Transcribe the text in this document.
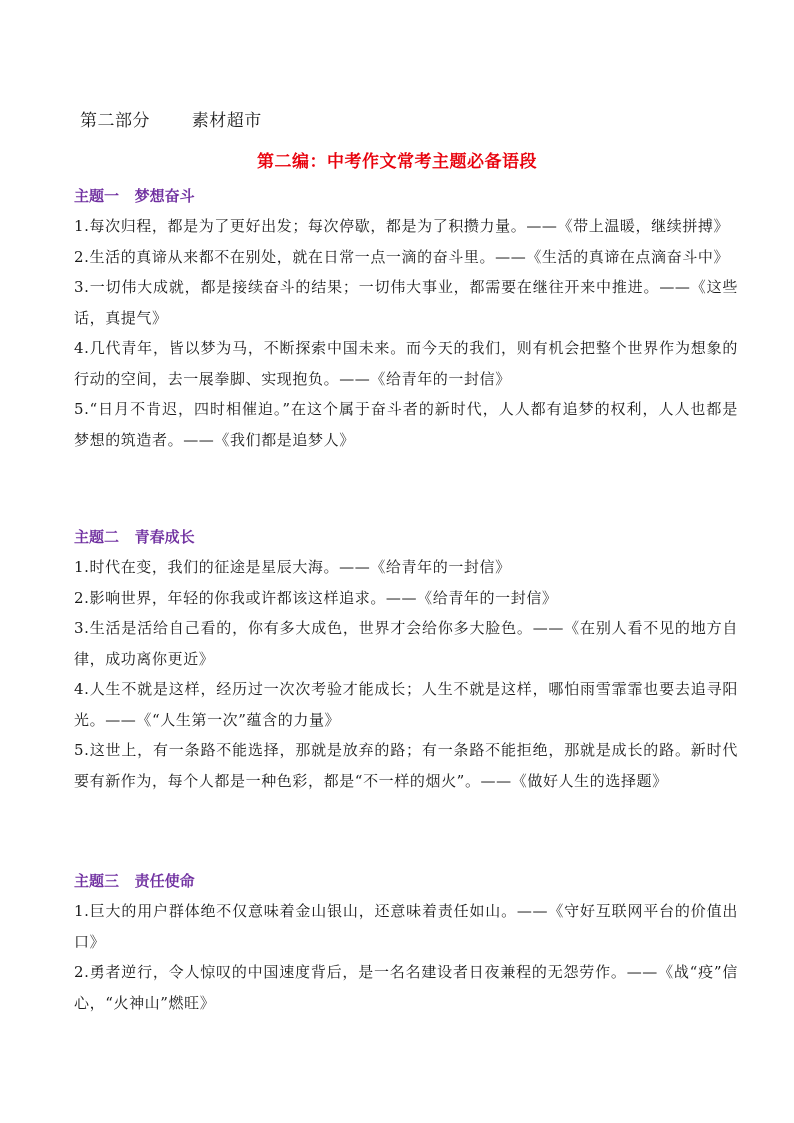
第二部分   素材超市
第二编：中考作文常考主题必备语段
主题一   梦想奋斗

1.每次归程，都是为了更好出发；每次停歇，都是为了积攒力量。——《带上温暖，继续拼搏》

2.生活的真谛从来都不在别处，就在日常一点一滴的奋斗里。——《生活的真谛在点滴奋斗中》

3.一切伟大成就，都是接续奋斗的结果；一切伟大事业，都需要在继往开来中推进。——《这些话，真提气》

4.几代青年，皆以梦为马，不断探索中国未来。而今天的我们，则有机会把整个世界作为想象的行动的空间，去一展拳脚、实现抱负。——《给青年的一封信》

5.“日月不肯迟，四时相催迫。”在这个属于奋斗者的新时代，人人都有追梦的权利，人人也都是梦想的筑造者。——《我们都是追梦人》

主题二   青春成长

1.时代在变，我们的征途是星辰大海。——《给青年的一封信》

2.影响世界，年轻的你我或许都该这样追求。——《给青年的一封信》

3.生活是活给自己看的，你有多大成色，世界才会给你多大脸色。——《在别人看不见的地方自律，成功离你更近》

4.人生不就是这样，经历过一次次考验才能成长；人生不就是这样，哪怕雨雪霏霏也要去追寻阳光。——《“人生第一次”蕴含的力量》

5.这世上，有一条路不能选择，那就是放弃的路；有一条路不能拒绝，那就是成长的路。新时代要有新作为，每个人都是一种色彩，都是“不一样的烟火”。——《做好人生的选择题》

主题三   责任使命

1.巨大的用户群体绝不仅意味着金山银山，还意味着责任如山。——《守好互联网平台的价值出口》

2.勇者逆行，令人惊叹的中国速度背后，是一名名建设者日夜兼程的无怨劳作。——《战“疫”信心，“火神山”燃旺》
